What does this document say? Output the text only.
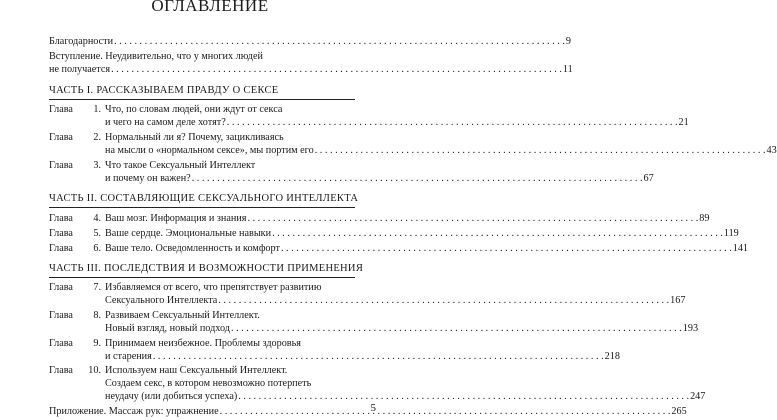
ОГЛАВЛЕНИЕ
Благодарности . . .	9
Вступление. Неудивительно, что у многих людей
не получается . . .	11
ЧАСТЬ I. РАССКАЗЫВАЕМ ПРАВДУ О СЕКСЕ
Глава	1. Что, по словам людей, они ждут от секса
и чего на самом деле хотят? . . .	21
Глава	2. Нормальный ли я? Почему, зацикливаясь
на мысли о «нормальном сексе», мы портим его . . .	43
Глава	3. Что такое Сексуальный Интеллект
и почему он важен? . . .	67
ЧАСТЬ II. СОСТАВЛЯЮЩИЕ СЕКСУАЛЬНОГО ИНТЕЛЛЕКТА
Глава	4. Ваш мозг. Информация и знания . . .	89
Глава	5. Ваше сердце. Эмоциональные навыки . . .	119
Глава	6. Ваше тело. Осведомленность и комфорт . . .	141
ЧАСТЬ III. ПОСЛЕДСТВИЯ И ВОЗМОЖНОСТИ ПРИМЕНЕНИЯ
Глава	7. Избавляемся от всего, что препятствует развитию
Сексуального Интеллекта . . .	167
Глава	8. Развиваем Сексуальный Интеллект.
Новый взгляд, новый подход . . .	193
Глава	9. Принимаем неизбежное. Проблемы здоровья
и старения . . .	218
Глава	10. Используем наш Сексуальный Интеллект.
Создаем секс, в котором невозможно потерпеть
неудачу (или добиться успеха) . . .	247
Приложение. Массаж рук: упражнение . . .	265
5
